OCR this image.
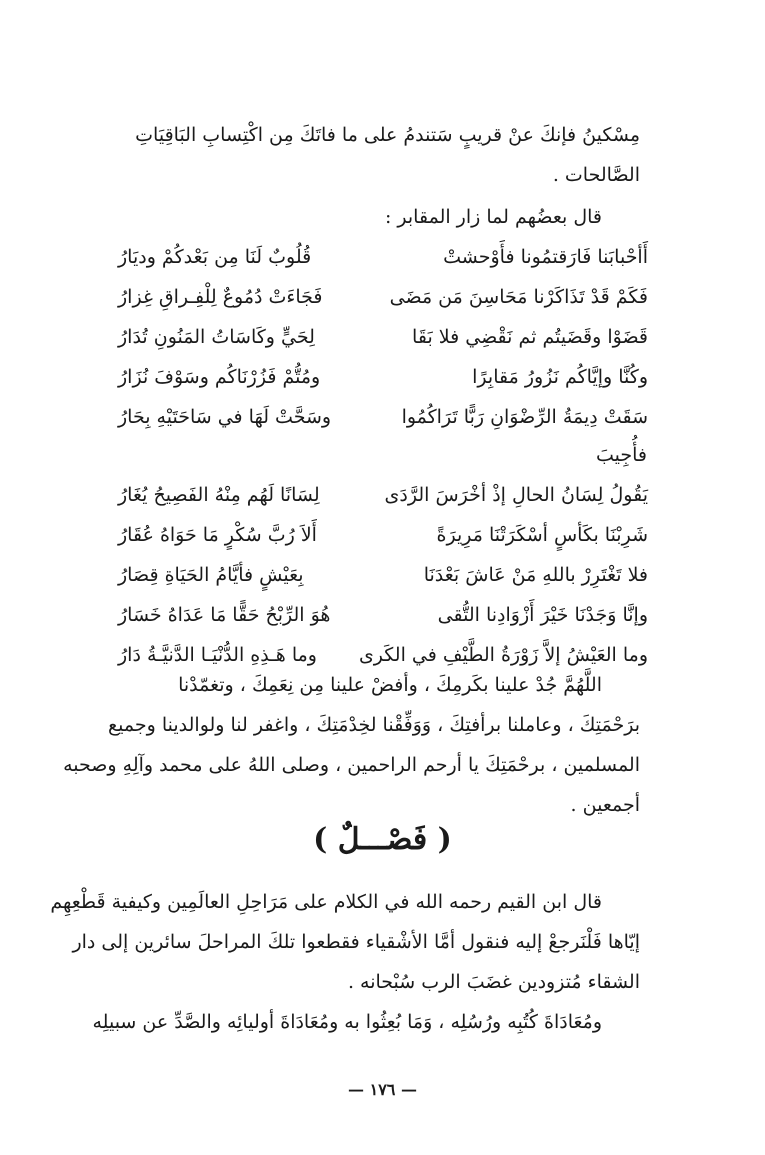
مِسْكينُ فإنكَ عنْ قريبٍ سَتندمُ على ما فاتَكَ مِن اكْتِسابِ البَاقِيَاتِ
الصَّالحات .
قال بعضُهم لما زار المقابر :
أَأحْبابَنا فَارَقتمُونا فأَوْحشتْ
قُلُوبٌ لَنَا مِن بَعْدكُمْ وديَارُ
فَكَمْ قَدْ تَذَاكَرْنا مَحَاسِنَ مَن مَضَى
فَجَاءَتْ دُمُوعٌ لِلْفِـراقِ غِزارُ
قَضَوْا وقَضَيتُم ثم نَقْضِي فلا بَقَا
لِحَيٍّ وكَاسَاتُ المَنُونِ تُدَارُ
وكُنَّا وإيَّاكُم نَزُورُ مَقابِرًا
ومُتُّمْ فَزُرْنَاكُم وسَوْفَ نُزَارُ
سَقَتْ دِيمَةُ الرِّضْوَانِ رَبًّا تَرَاكُمُوا
وسَحَّتْ لَهَا في سَاحَتَيْهِ بِحَارُ
فأُجِيبَ
يَقُولُ لِسَانُ الحالِ إذْ أخْرَسَ الرَّدَى
لِسَانًا لَهُم مِنْهُ الفَصِيحُ يُغَارُ
شَرِبْنَا بكَأسٍ أسْكَرَتْنَا مَرِيرَةً
أَلاَ رُبَّ سُكْرٍ مَا حَوَاهُ عُقَارُ
فلا تَغْتَرِرْ باللهِ مَنْ عَاشَ بَعْدَنَا
بِعَيْشٍ فأيَّامُ الحَيَاةِ قِصَارُ
وإنَّا وَجَدْنَا خَيْرَ أَزْوَادِنا التُّقى
هُوَ الرِّبْحُ حَقًّا مَا عَدَاهُ خَسَارُ
وما العَيْشُ إلاَّ زَوْرَةُ الطَّيْفِ في الكَرى
وما هَـذِهِ الدُّنْيَـا الدَّنيَّـةُ دَارُ
اللَّهُمَّ جُدْ علينا بكَرمِكَ ، وأفضْ علينا مِن نِعَمِكَ ، وتغمّدْنا
برَحْمَتِكَ ، وعاملنا برأفتِكَ ، وَوَفِّقْنا لخِدْمَتِكَ ، واغفر لنا ولوالدينا وجميع
المسلمين ، برحْمَتِكَ يا أرحم الراحمين ، وصلى اللهُ على محمد وآلِهِ وصحبه
أجمعين .
( فَصْـــلٌ )
قال ابن القيم رحمه الله في الكلام على مَرَاحِلِ العالَمِين وكيفية قَطْعِهِم
إيّاها فَلْنَرجعْ إليه فنقول أمَّا الأشْقياء فقطعوا تلكَ المراحلَ سائرين إلى دار
الشقاء مُتزودين غضَبَ الرب سُبْحانه .
ومُعَادَاةَ كُتُبِه ورُسُلِه ، وَمَا بُعِثُوا به ومُعَادَاةَ أوليائِه والصَّدِّ عن سبيلِه
— ١٧٦ —
